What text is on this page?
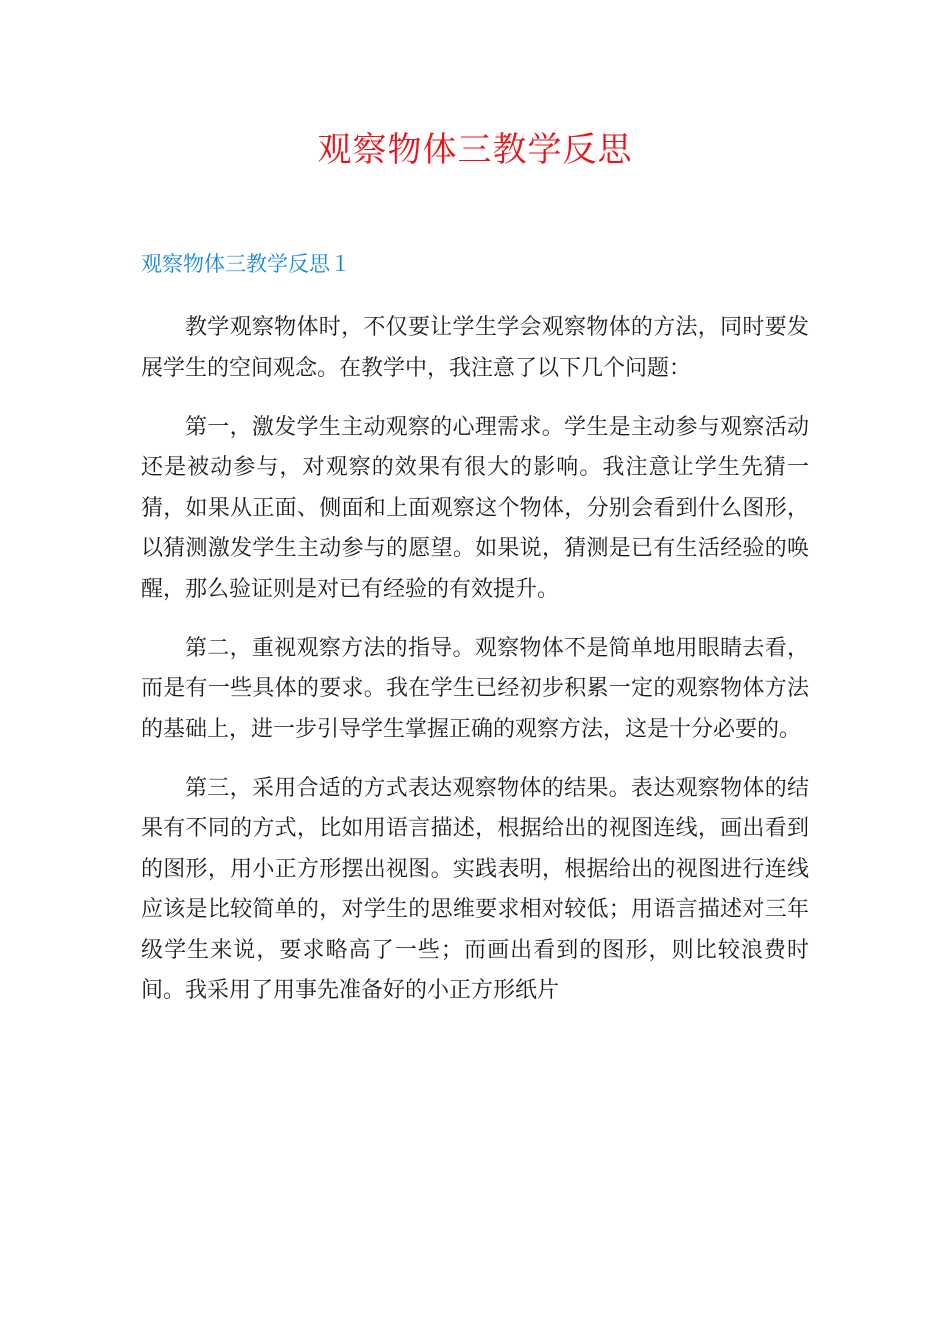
观察物体三教学反思
观察物体三教学反思１

教学观察物体时，不仅要让学生学会观察物体的方法，同时要发展学生的空间观念。在教学中，我注意了以下几个问题：

第一，激发学生主动观察的心理需求。学生是主动参与观察活动还是被动参与，对观察的效果有很大的影响。我注意让学生先猜一猜，如果从正面、侧面和上面观察这个物体，分别会看到什么图形，以猜测激发学生主动参与的愿望。如果说，猜测是已有生活经验的唤醒，那么验证则是对已有经验的有效提升。

第二，重视观察方法的指导。观察物体不是简单地用眼睛去看，而是有一些具体的要求。我在学生已经初步积累一定的观察物体方法的基础上，进一步引导学生掌握正确的观察方法，这是十分必要的。

第三，采用合适的方式表达观察物体的结果。表达观察物体的结果有不同的方式，比如用语言描述，根据给出的视图连线，画出看到的图形，用小正方形摆出视图。实践表明，根据给出的视图进行连线应该是比较简单的，对学生的思维要求相对较低；用语言描述对三年级学生来说，要求略高了一些；而画出看到的图形，则比较浪费时间。我采用了用事先准备好的小正方形纸片
